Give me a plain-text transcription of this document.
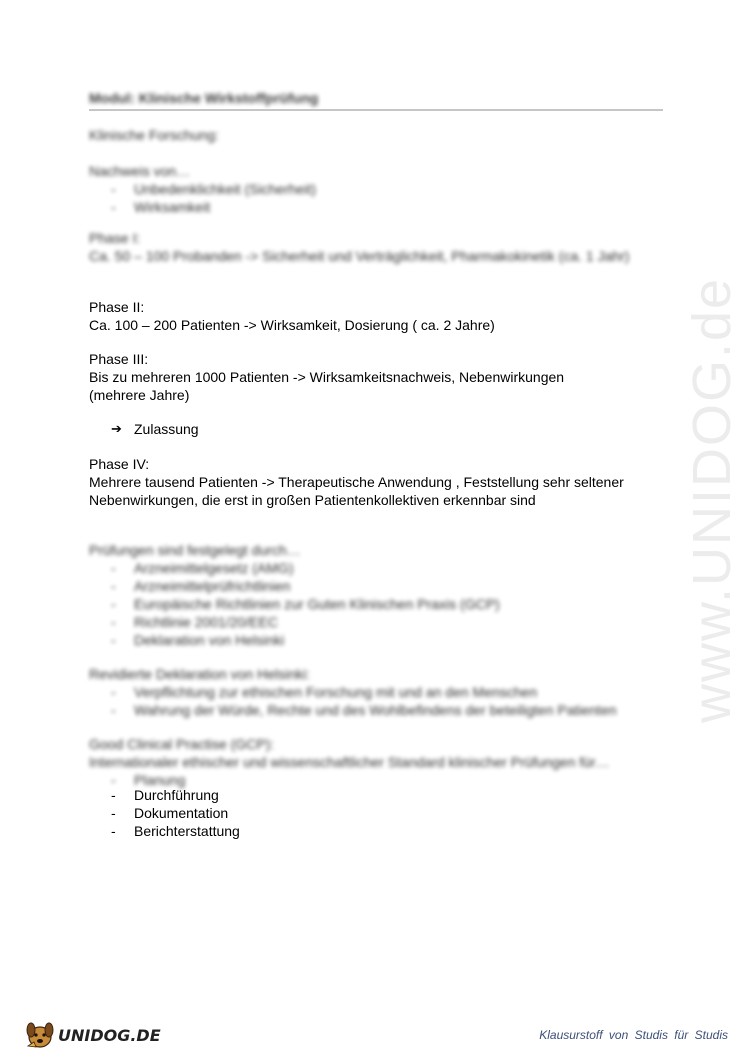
www.UNIDOG.de
Modul: Klinische Wirkstoffprüfung
Klinische Forschung:
Nachweis von…
- Unbedenklichkeit (Sicherheit)
- Wirksamkeit
Phase I:
Ca. 50 – 100 Probanden -> Sicherheit und Verträglichkeit, Pharmakokinetik (ca. 1 Jahr)
Phase II:
Ca. 100 – 200 Patienten -> Wirksamkeit, Dosierung ( ca. 2 Jahre)
Phase III:
Bis zu mehreren 1000 Patienten -> Wirksamkeitsnachweis, Nebenwirkungen (mehrere Jahre)
➔ Zulassung
Phase IV:
Mehrere tausend Patienten -> Therapeutische Anwendung , Feststellung sehr seltener Nebenwirkungen, die erst in großen Patientenkollektiven erkennbar sind
Prüfungen sind festgelegt durch…
- Arzneimittelgesetz (AMG)
- Arzneimittelprüfrichtlinien
- Europäische Richtlinien zur Guten Klinischen Praxis (GCP)
- Richtlinie 2001/20/EEC
- Deklaration von Helsinki
Revidierte Deklaration von Helsinki:
- Verpflichtung zur ethischen Forschung mit und an den Menschen
- Wahrung der Würde, Rechte und des Wohlbefindens der beteiligten Patienten
Good Clinical Practise (GCP):
Internationaler ethischer und wissenschaftlicher Standard klinischer Prüfungen für…
- Planung
- Durchführung
- Dokumentation
- Berichterstattung
UNIDOG.DE	Klausurstoff von Studis für Studis
